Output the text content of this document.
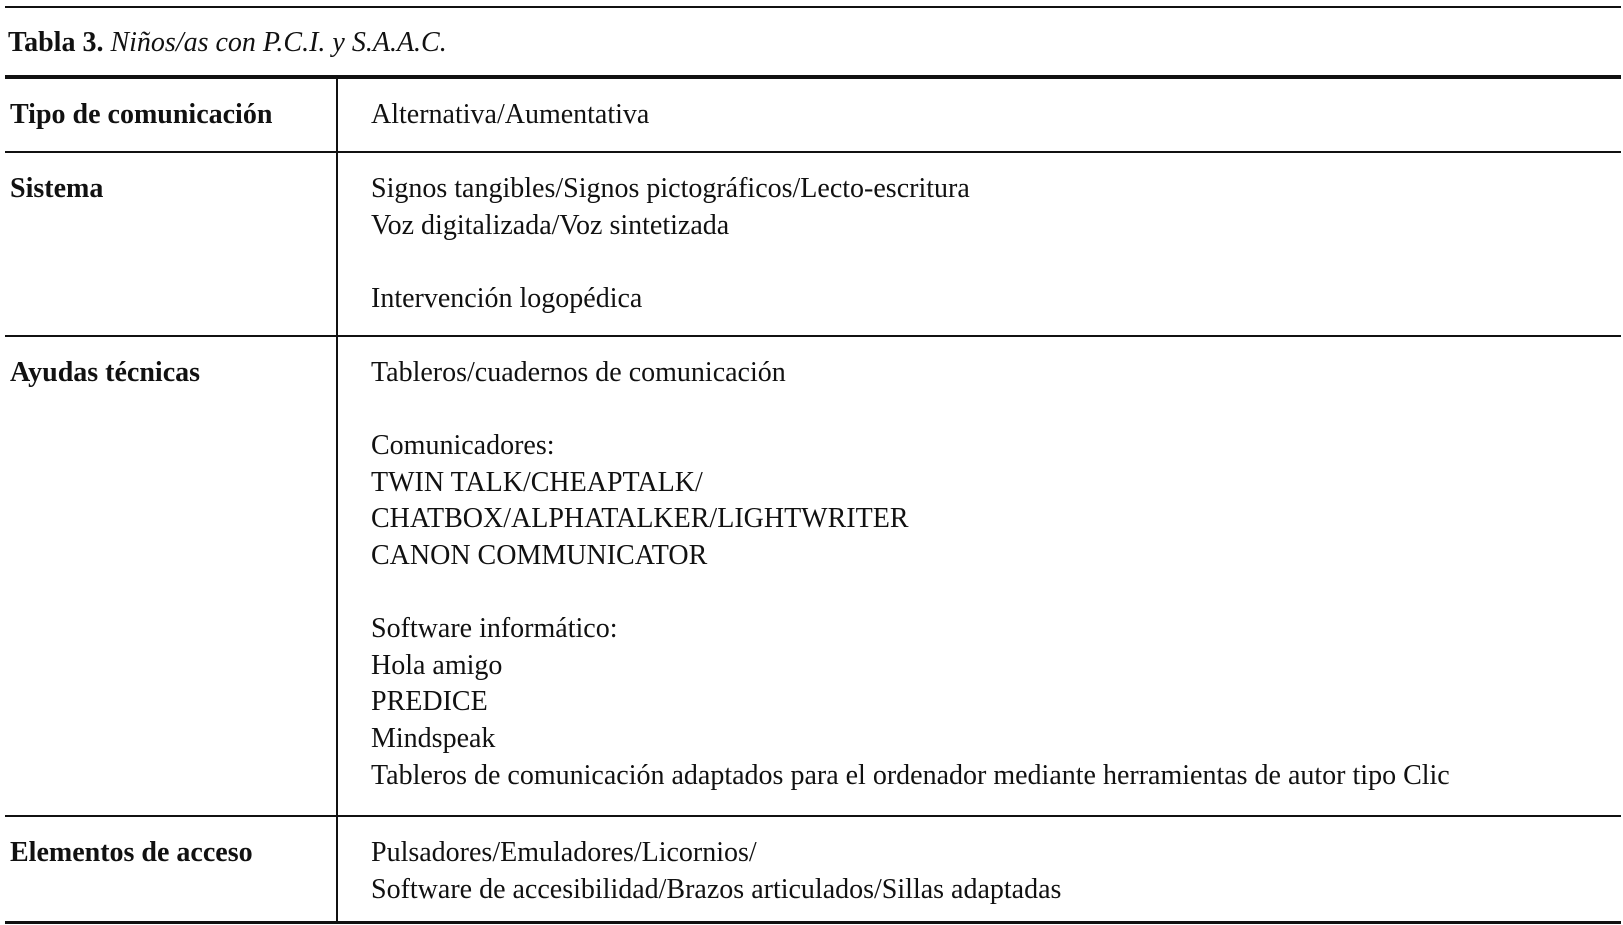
Tabla 3. Niños/as con P.C.I. y S.A.A.C.
Tipo de comunicación	Alternativa/Aumentativa
Sistema	Signos tangibles/Signos pictográficos/Lecto-escritura
Voz digitalizada/Voz sintetizada
Intervención logopédica
Ayudas técnicas	Tableros/cuadernos de comunicación
Comunicadores:
TWIN TALK/CHEAPTALK/
CHATBOX/ALPHATALKER/LIGHTWRITER
CANON COMMUNICATOR
Software informático:
Hola amigo
PREDICE
Mindspeak
Tableros de comunicación adaptados para el ordenador mediante herramientas de autor tipo Clic
Elementos de acceso	Pulsadores/Emuladores/Licornios/
Software de accesibilidad/Brazos articulados/Sillas adaptadas
